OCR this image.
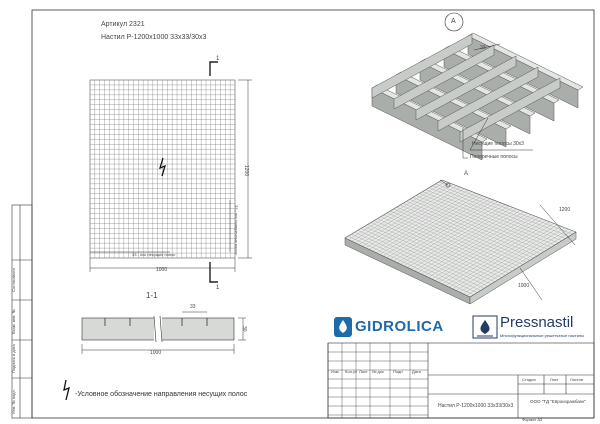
Артикул 2321
Настил Р-1200х1000 33х33/30х3
А
А
1
1
1-1
1000
1200
33 - ось несущих полос	33 - ось поперечных полос
1000
30
33
-Условное обозначение направления несущих полос
33
Несущие полосы 30х3
Поперечные полосы
1200
1000
GIDROLICA	Pressnastil
Многофункциональные решетчатые настилы
Согласовано
Взам. инв. №
Подпись и дата
Инв. № подл.
Изм. Кол.уч Лист № док Подп. Дата
Стадия	Лист	Листов
Настил Р-1200х1000 33х33/30х3
ООО "ТД "Евроизражбанк"
Формат А3
